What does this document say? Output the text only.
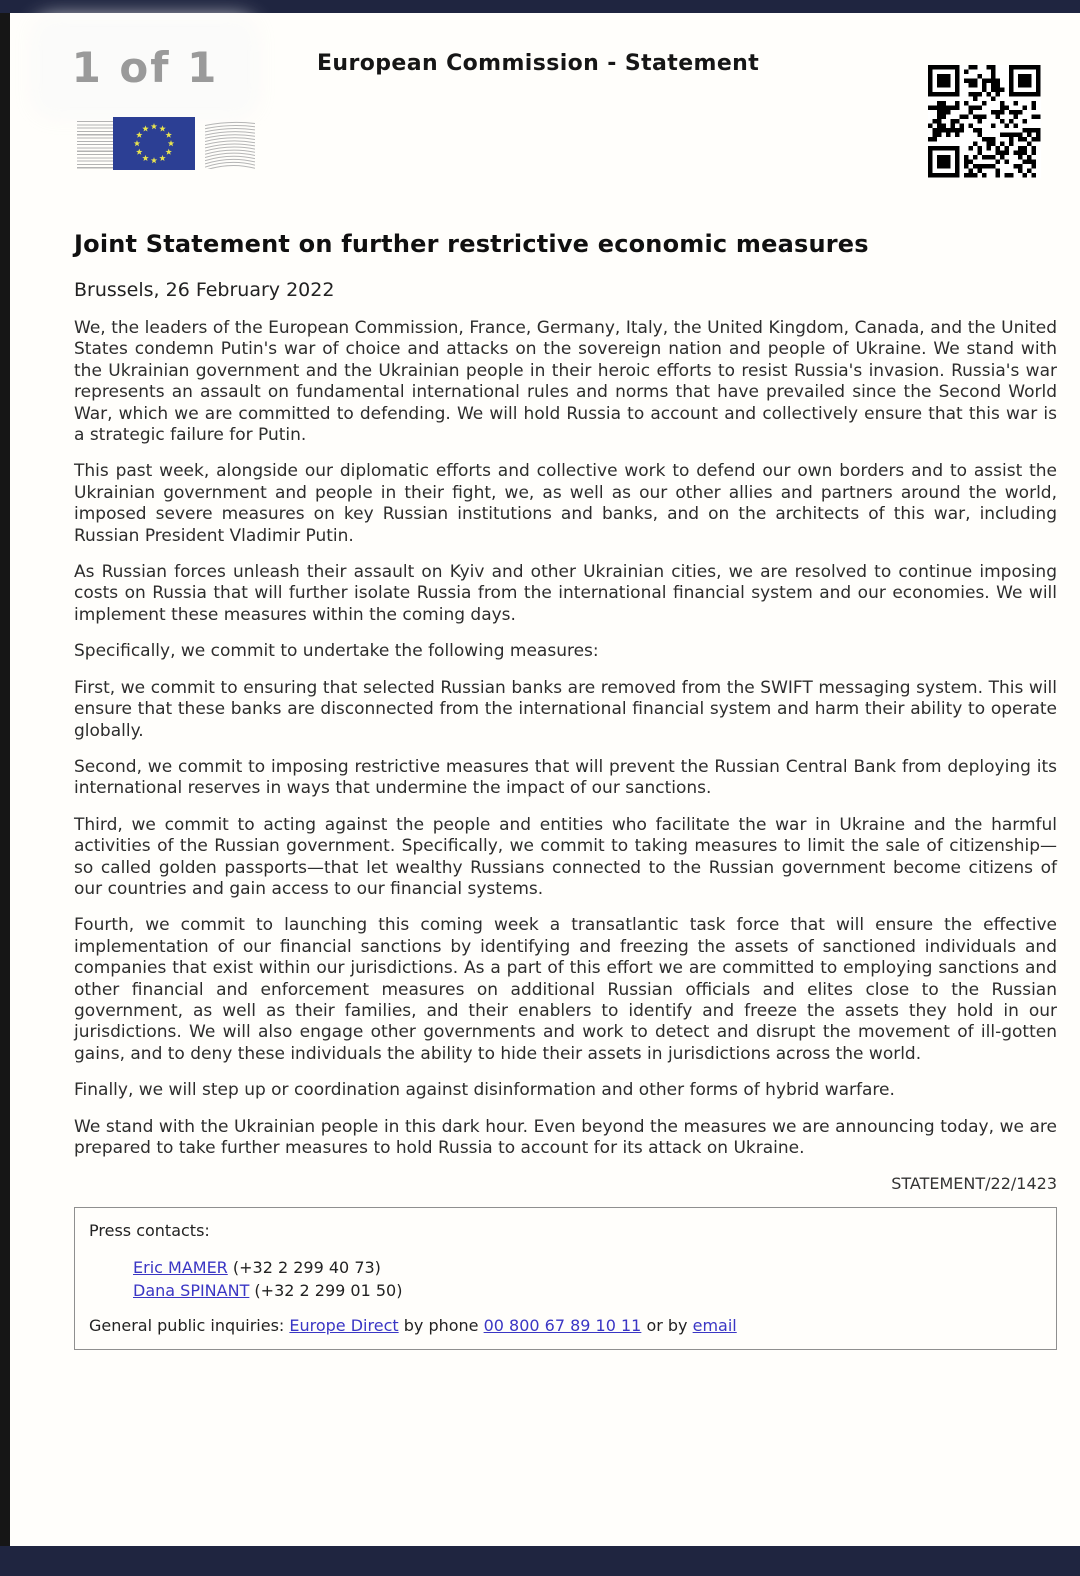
1 of 1	European Commission - Statement
Joint Statement on further restrictive economic measures
Brussels, 26 February 2022

We, the leaders of the European Commission, France, Germany, Italy, the United Kingdom, Canada, and the United States condemn Putin's war of choice and attacks on the sovereign nation and people of Ukraine. We stand with the Ukrainian government and the Ukrainian people in their heroic efforts to resist Russia's invasion. Russia's war represents an assault on fundamental international rules and norms that have prevailed since the Second World War, which we are committed to defending. We will hold Russia to account and collectively ensure that this war is a strategic failure for Putin.

This past week, alongside our diplomatic efforts and collective work to defend our own borders and to assist the Ukrainian government and people in their fight, we, as well as our other allies and partners around the world, imposed severe measures on key Russian institutions and banks, and on the architects of this war, including Russian President Vladimir Putin.

As Russian forces unleash their assault on Kyiv and other Ukrainian cities, we are resolved to continue imposing costs on Russia that will further isolate Russia from the international financial system and our economies. We will implement these measures within the coming days.

Specifically, we commit to undertake the following measures:

First, we commit to ensuring that selected Russian banks are removed from the SWIFT messaging system. This will ensure that these banks are disconnected from the international financial system and harm their ability to operate globally.

Second, we commit to imposing restrictive measures that will prevent the Russian Central Bank from deploying its international reserves in ways that undermine the impact of our sanctions.

Third, we commit to acting against the people and entities who facilitate the war in Ukraine and the harmful activities of the Russian government. Specifically, we commit to taking measures to limit the sale of citizenship—so called golden passports—that let wealthy Russians connected to the Russian government become citizens of our countries and gain access to our financial systems.

Fourth, we commit to launching this coming week a transatlantic task force that will ensure the effective implementation of our financial sanctions by identifying and freezing the assets of sanctioned individuals and companies that exist within our jurisdictions. As a part of this effort we are committed to employing sanctions and other financial and enforcement measures on additional Russian officials and elites close to the Russian government, as well as their families, and their enablers to identify and freeze the assets they hold in our jurisdictions. We will also engage other governments and work to detect and disrupt the movement of ill-gotten gains, and to deny these individuals the ability to hide their assets in jurisdictions across the world.

Finally, we will step up or coordination against disinformation and other forms of hybrid warfare.

We stand with the Ukrainian people in this dark hour. Even beyond the measures we are announcing today, we are prepared to take further measures to hold Russia to account for its attack on Ukraine.

STATEMENT/22/1423
Press contacts:
Eric MAMER (+32 2 299 40 73)
Dana SPINANT (+32 2 299 01 50)
General public inquiries: Europe Direct by phone 00 800 67 89 10 11 or by email
